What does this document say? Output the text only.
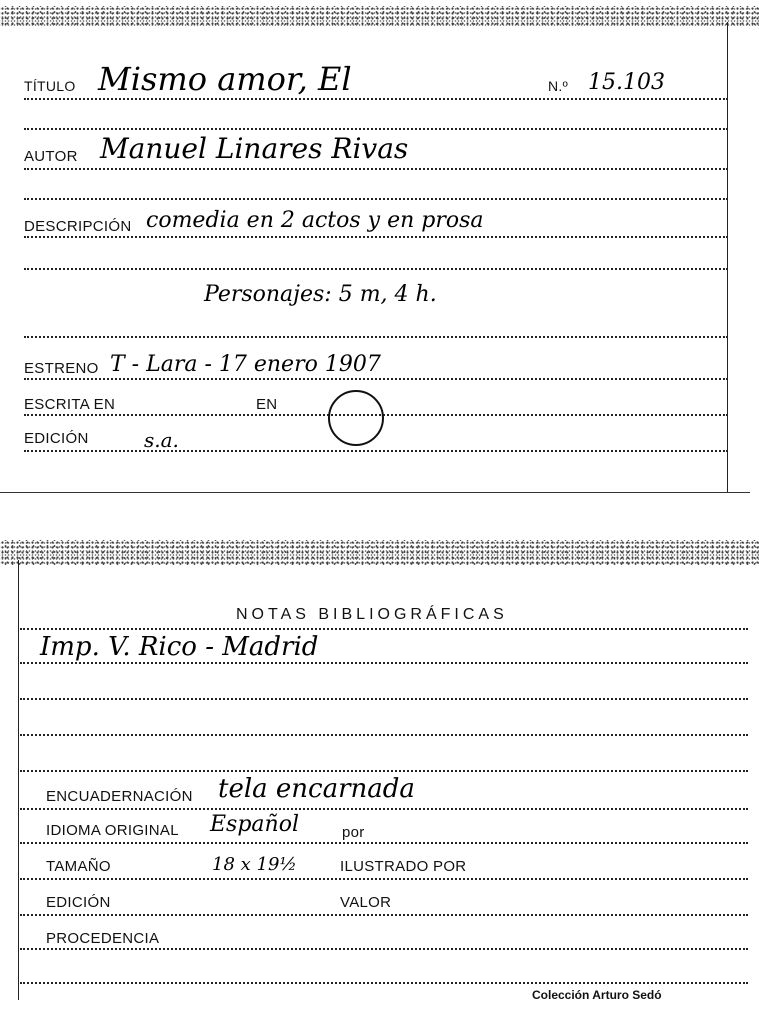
TÍTULO Mismo amor, El	N.º 15.103
AUTOR Manuel Linares Rivas
DESCRIPCIÓN comedia en 2 actos y en prosa
Personajes: 5 m, 4 h.
ESTRENO T - Lara - 17 enero 1907
ESCRITA EN	EN
EDICIÓN	s.a.
NOTAS BIBLIOGRÁFICAS
Imp. V. Rico - Madrid
ENCUADERNACIÓN tela encarnada
IDIOMA ORIGINAL Español	por
TAMAÑO	18 x 19½	ILUSTRADO POR
EDICIÓN	VALOR
PROCEDENCIA
Colección Arturo Sedó
